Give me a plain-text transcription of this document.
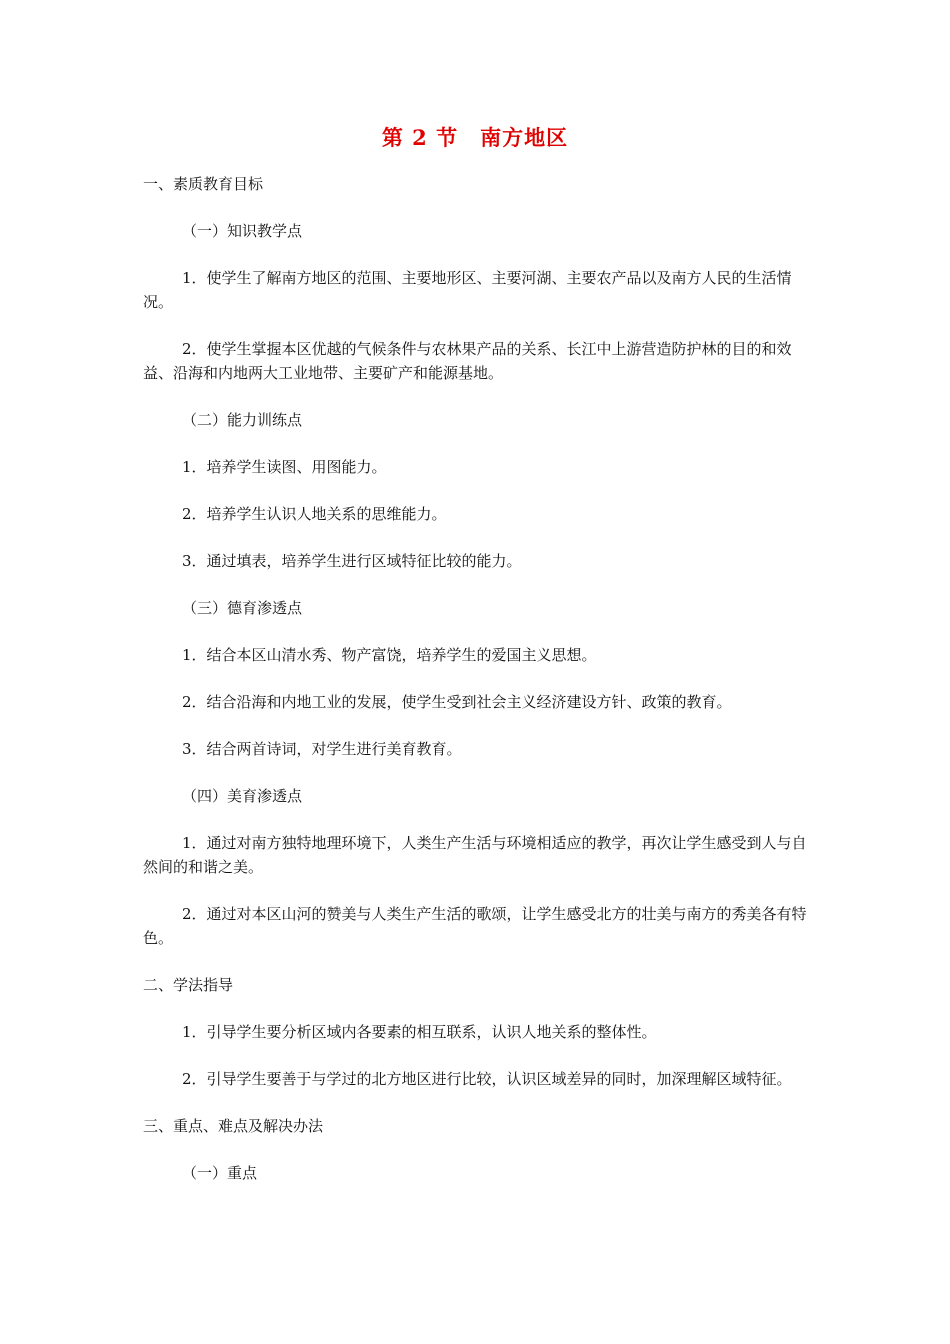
第 2 节　南方地区

一、素质教育目标

（一）知识教学点

1．使学生了解南方地区的范围、主要地形区、主要河湖、主要农产品以及南方人民的生活情况。

2．使学生掌握本区优越的气候条件与农林果产品的关系、长江中上游营造防护林的目的和效益、沿海和内地两大工业地带、主要矿产和能源基地。

（二）能力训练点

1．培养学生读图、用图能力。

2．培养学生认识人地关系的思维能力。

3．通过填表，培养学生进行区域特征比较的能力。

（三）德育渗透点

1．结合本区山清水秀、物产富饶，培养学生的爱国主义思想。

2．结合沿海和内地工业的发展，使学生受到社会主义经济建设方针、政策的教育。

3．结合两首诗词，对学生进行美育教育。

（四）美育渗透点

1．通过对南方独特地理环境下，人类生产生活与环境相适应的教学，再次让学生感受到人与自然间的和谐之美。

2．通过对本区山河的赞美与人类生产生活的歌颂，让学生感受北方的壮美与南方的秀美各有特色。

二、学法指导

1．引导学生要分析区域内各要素的相互联系，认识人地关系的整体性。

2．引导学生要善于与学过的北方地区进行比较，认识区域差异的同时，加深理解区域特征。

三、重点、难点及解决办法

（一）重点
